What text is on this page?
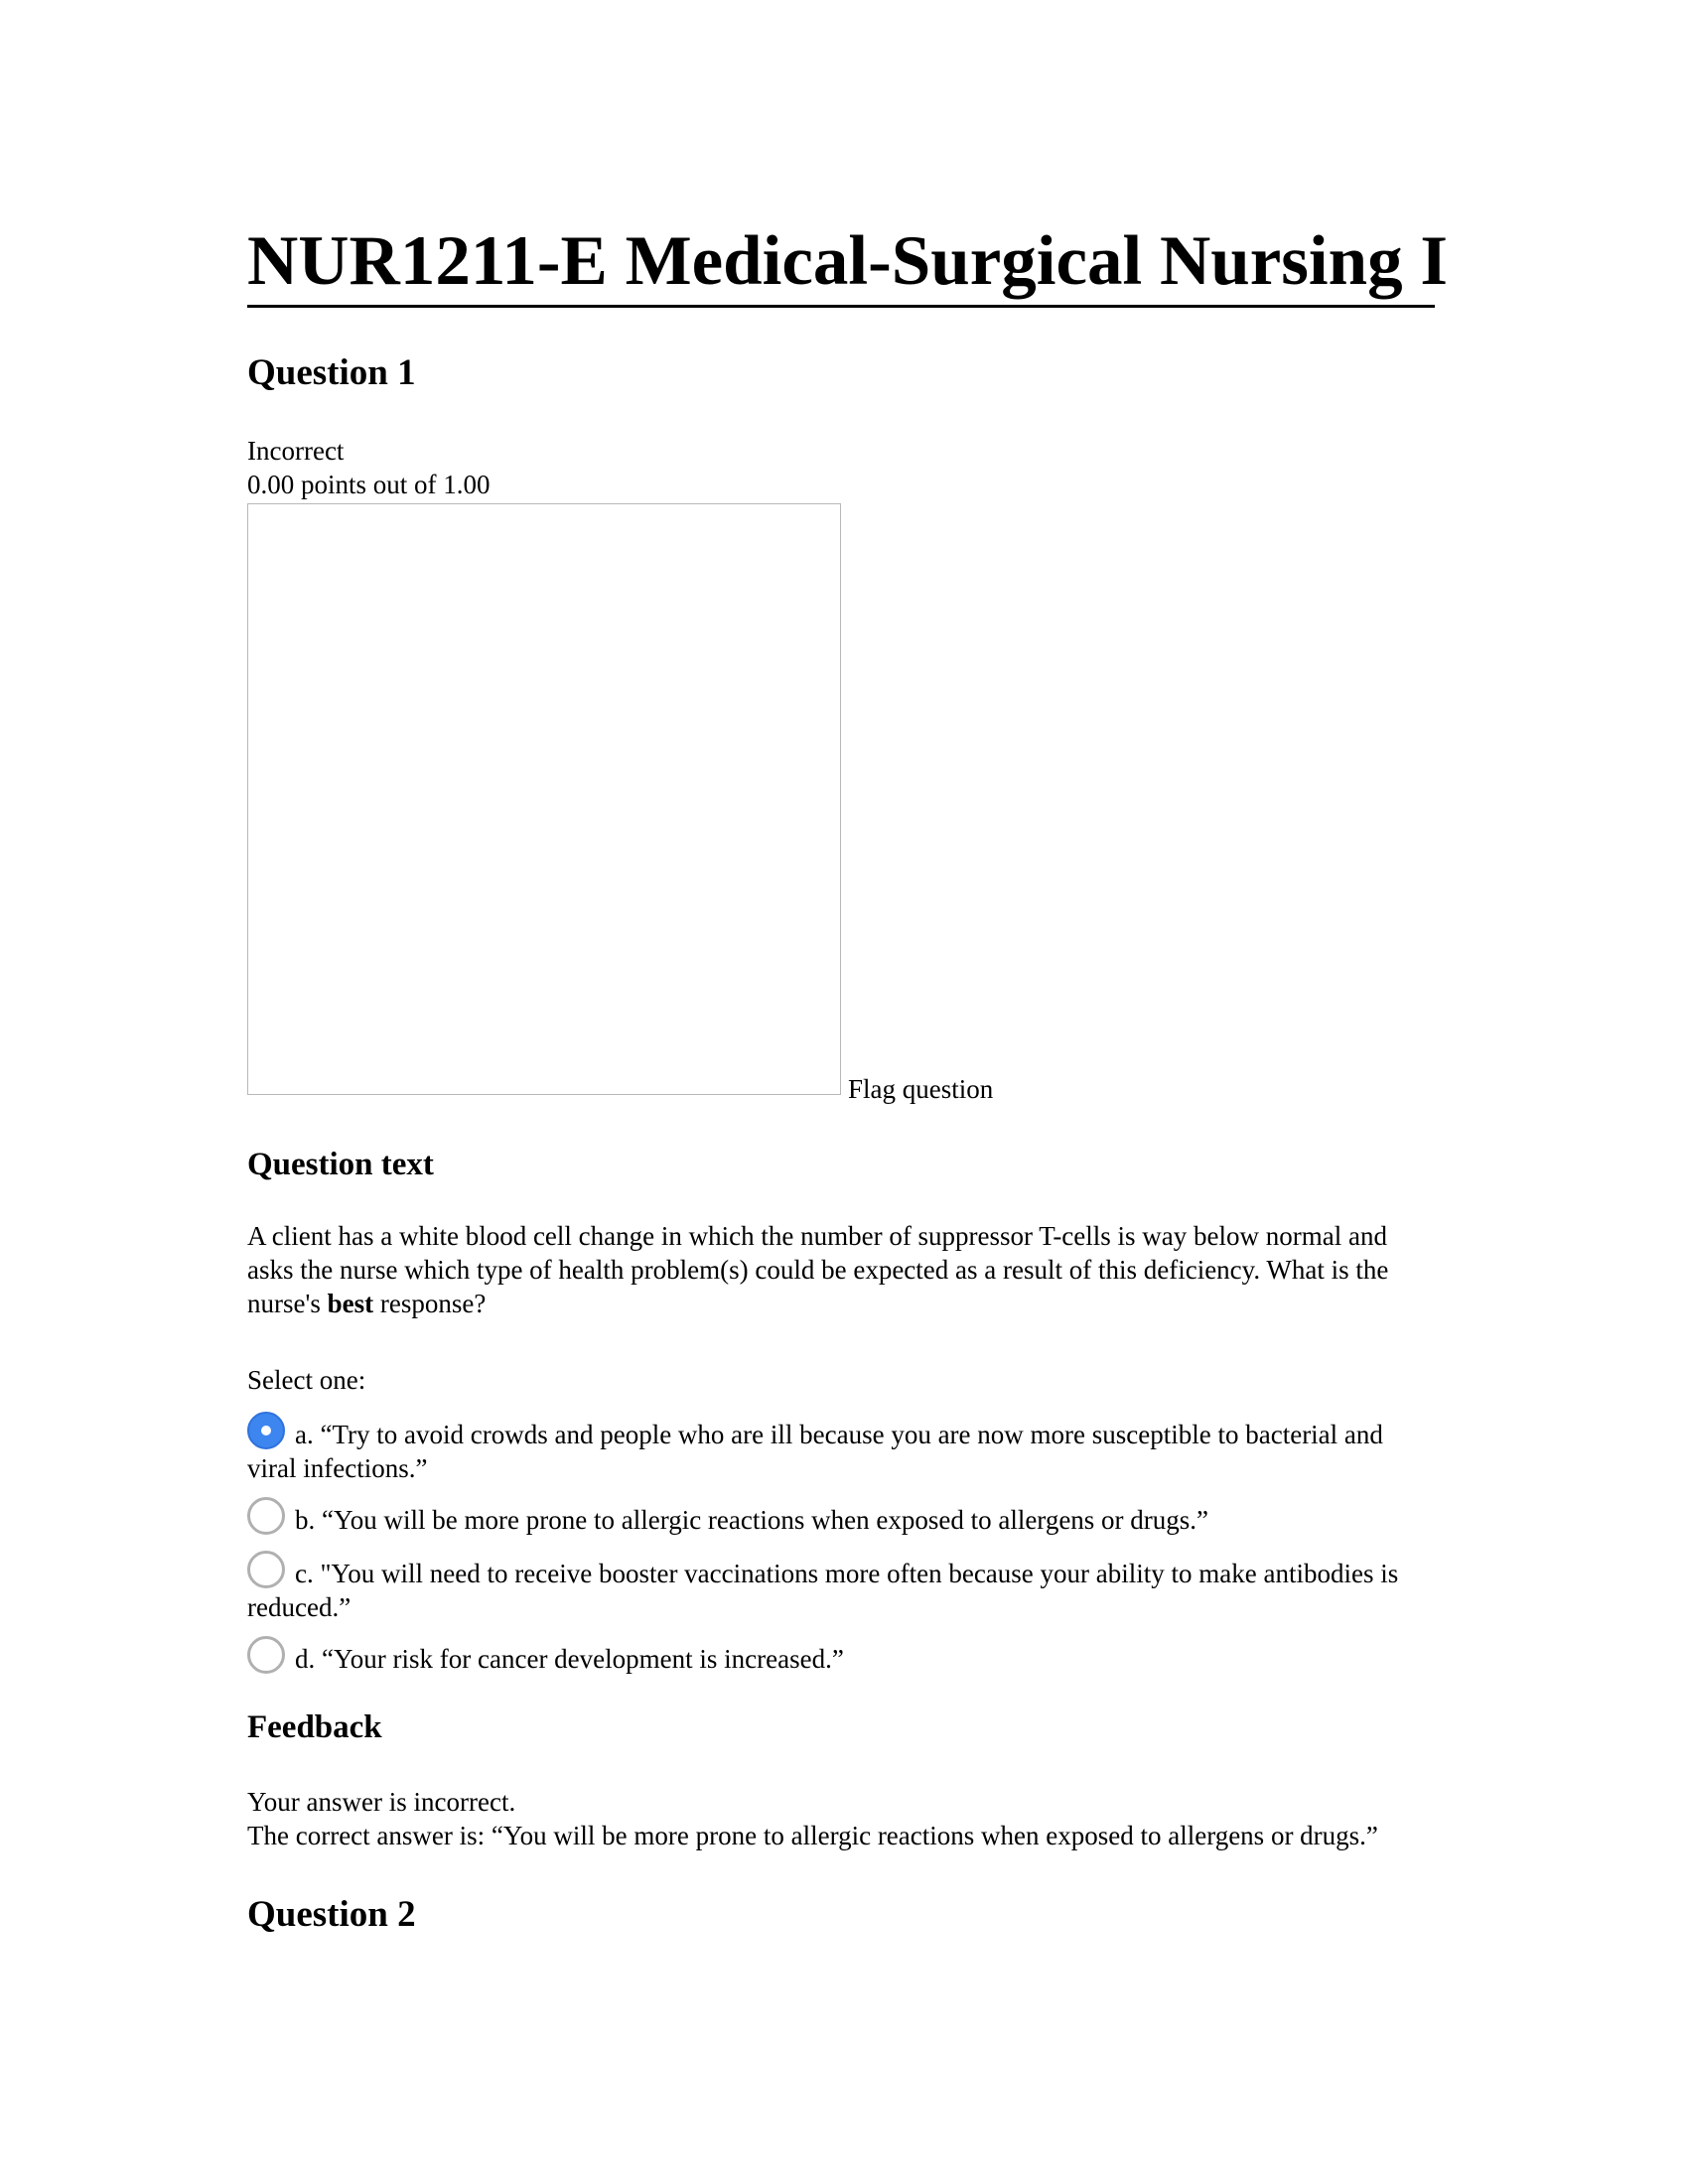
NUR1211-E Medical-Surgical Nursing I
Question 1
Incorrect
0.00 points out of 1.00
Flag question
Question text
A client has a white blood cell change in which the number of suppressor T-cells is way below normal and asks the nurse which type of health problem(s) could be expected as a result of this deficiency. What is the nurse's best response?
Select one:
a. “Try to avoid crowds and people who are ill because you are now more susceptible to bacterial and viral infections.”
b. “You will be more prone to allergic reactions when exposed to allergens or drugs.”
c. "You will need to receive booster vaccinations more often because your ability to make antibodies is reduced.”
d. “Your risk for cancer development is increased.”
Feedback
Your answer is incorrect.
The correct answer is: “You will be more prone to allergic reactions when exposed to allergens or drugs.”
Question 2
